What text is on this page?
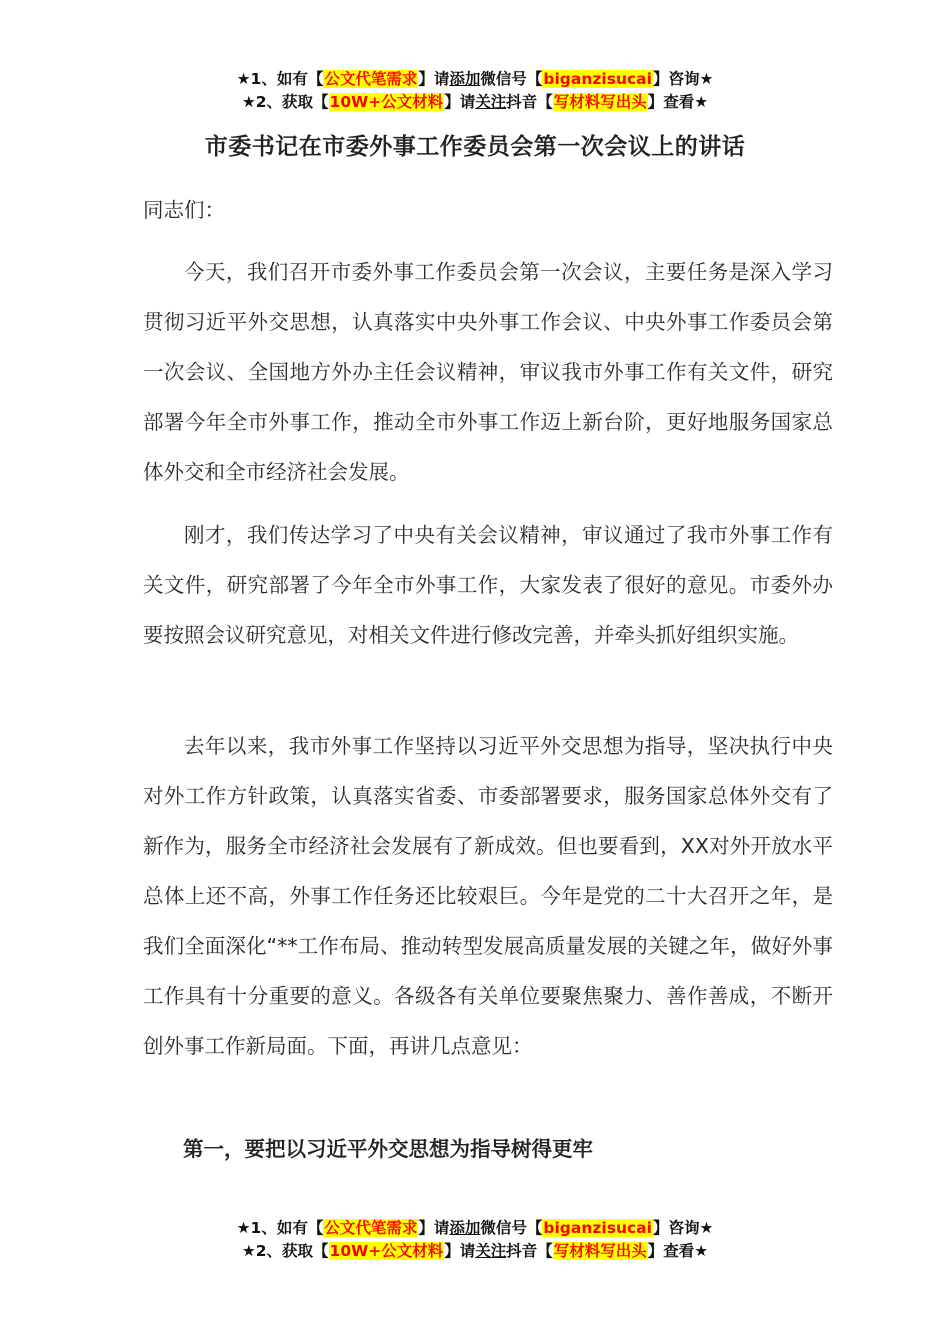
★1、如有【公文代笔需求】请添加微信号【biganzisucai】咨询★
★2、获取【10W+公文材料】请关注抖音【写材料写出头】查看★
市委书记在市委外事工作委员会第一次会议上的讲话
同志们：

今天，我们召开市委外事工作委员会第一次会议，主要任务是深入学习贯彻习近平外交思想，认真落实中央外事工作会议、中央外事工作委员会第一次会议、全国地方外办主任会议精神，审议我市外事工作有关文件，研究部署今年全市外事工作，推动全市外事工作迈上新台阶，更好地服务国家总体外交和全市经济社会发展。

刚才，我们传达学习了中央有关会议精神，审议通过了我市外事工作有关文件，研究部署了今年全市外事工作，大家发表了很好的意见。市委外办要按照会议研究意见，对相关文件进行修改完善，并牵头抓好组织实施。

去年以来，我市外事工作坚持以习近平外交思想为指导，坚决执行中央对外工作方针政策，认真落实省委、市委部署要求，服务国家总体外交有了新作为，服务全市经济社会发展有了新成效。但也要看到，XX对外开放水平总体上还不高，外事工作任务还比较艰巨。今年是党的二十大召开之年，是我们全面深化“**工作布局、推动转型发展高质量发展的关键之年，做好外事工作具有十分重要的意义。各级各有关单位要聚焦聚力、善作善成，不断开创外事工作新局面。下面，再讲几点意见：

第一，要把以习近平外交思想为指导树得更牢
★1、如有【公文代笔需求】请添加微信号【biganzisucai】咨询★
★2、获取【10W+公文材料】请关注抖音【写材料写出头】查看★
